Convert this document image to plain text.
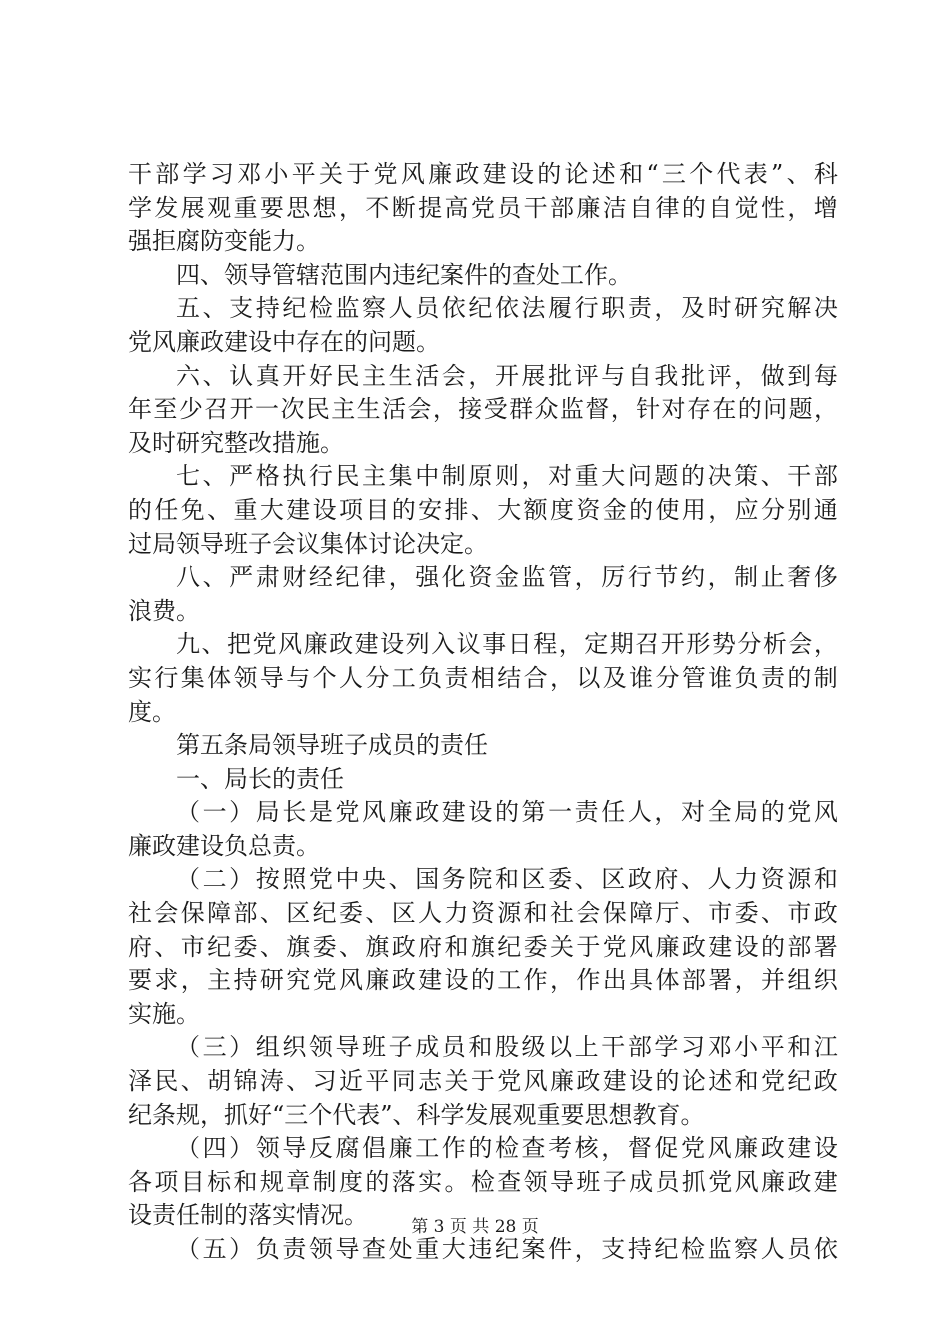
干 部 学 习 邓 小 平 关 于 党 风 廉 政 建 设 的 论 述 和 “ 三 个 代 表 ” 、 科
学 发 展 观 重 要 思 想 ， 不 断 提 高 党 员 干 部 廉 洁 自 律 的 自 觉 性 ， 增
强拒腐防变能力。
四、领导管辖范围内违纪案件的查处工作。
五 、 支 持 纪 检 监 察 人 员 依 纪 依 法 履 行 职 责 ， 及 时 研 究 解 决
党风廉政建设中存在的问题。
六 、 认 真 开 好 民 主 生 活 会 ， 开 展 批 评 与 自 我 批 评 ， 做 到 每
年 至 少 召 开 一 次 民 主 生 活 会 ， 接 受 群 众 监 督 ， 针 对 存 在 的 问 题 ，
及时研究整改措施。
七 、 严 格 执 行 民 主 集 中 制 原 则 ， 对 重 大 问 题 的 决 策 、 干 部
的 任 免 、 重 大 建 设 项 目 的 安 排 、 大 额 度 资 金 的 使 用 ， 应 分 别 通
过局领导班子会议集体讨论决定。
八 、 严 肃 财 经 纪 律 ， 强 化 资 金 监 管 ， 厉 行 节 约 ， 制 止 奢 侈
浪费。
九 、 把 党 风 廉 政 建 设 列 入 议 事 日 程 ， 定 期 召 开 形 势 分 析 会 ，
实 行 集 体 领 导 与 个 人 分 工 负 责 相 结 合 ， 以 及 谁 分 管 谁 负 责 的 制
度。
第五条局领导班子成员的责任
一、局长的责任
（ 一 ） 局 长 是 党 风 廉 政 建 设 的 第 一 责 任 人 ， 对 全 局 的 党 风
廉政建设负总责。
（ 二 ） 按 照 党 中 央 、 国 务 院 和 区 委 、 区 政 府 、 人 力 资 源 和
社 会 保 障 部 、 区 纪 委 、 区 人 力 资 源 和 社 会 保 障 厅 、 市 委 、 市 政
府 、 市 纪 委 、 旗 委 、 旗 政 府 和 旗 纪 委 关 于 党 风 廉 政 建 设 的 部 署
要 求 ， 主 持 研 究 党 风 廉 政 建 设 的 工 作 ， 作 出 具 体 部 署 ， 并 组 织
实施。
（ 三 ） 组 织 领 导 班 子 成 员 和 股 级 以 上 干 部 学 习 邓 小 平 和 江
泽 民 、 胡 锦 涛 、 习 近 平 同 志 关 于 党 风 廉 政 建 设 的 论 述 和 党 纪 政
纪条规，抓好“三个代表”、科学发展观重要思想教育。
（ 四 ） 领 导 反 腐 倡 廉 工 作 的 检 查 考 核 ， 督 促 党 风 廉 政 建 设
各 项 目 标 和 规 章 制 度 的 落 实 。 检 查 领 导 班 子 成 员 抓 党 风 廉 政 建
设责任制的落实情况。
（ 五 ） 负 责 领 导 查 处 重 大 违 纪 案 件 ， 支 持 纪 检 监 察 人 员 依
第 3 页 共 28 页
